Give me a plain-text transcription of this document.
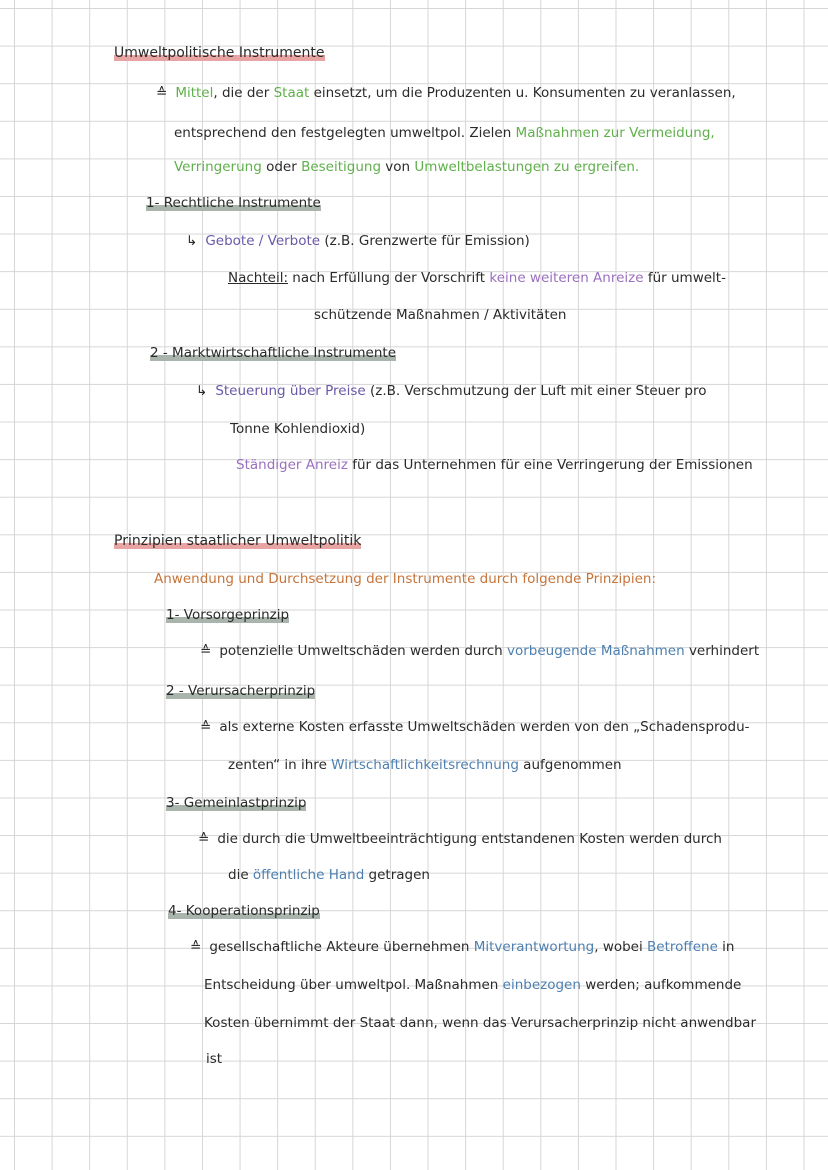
Umweltpolitische Instrumente
≙ Mittel, die der Staat einsetzt, um die Produzenten u. Konsumenten zu veranlassen,
entsprechend den festgelegten umweltpol. Zielen Maßnahmen zur Vermeidung,
Verringerung oder Beseitigung von Umweltbelastungen zu ergreifen.
1- Rechtliche Instrumente
↳ Gebote / Verbote (z.B. Grenzwerte für Emission)
Nachteil: nach Erfüllung der Vorschrift keine weiteren Anreize für umwelt-
schützende Maßnahmen / Aktivitäten
2 - Marktwirtschaftliche Instrumente
↳ Steuerung über Preise (z.B. Verschmutzung der Luft mit einer Steuer pro
Tonne Kohlendioxid)
Ständiger Anreiz für das Unternehmen für eine Verringerung der Emissionen
Prinzipien staatlicher Umweltpolitik
Anwendung und Durchsetzung der Instrumente durch folgende Prinzipien:
1- Vorsorgeprinzip
≙ potenzielle Umweltschäden werden durch vorbeugende Maßnahmen verhindert
2 - Verursacherprinzip
≙ als externe Kosten erfasste Umweltschäden werden von den „Schadensprodu-
zenten“ in ihre Wirtschaftlichkeitsrechnung aufgenommen
3- Gemeinlastprinzip
≙ die durch die Umweltbeeinträchtigung entstandenen Kosten werden durch
die öffentliche Hand getragen
4- Kooperationsprinzip
≙ gesellschaftliche Akteure übernehmen Mitverantwortung, wobei Betroffene in
Entscheidung über umweltpol. Maßnahmen einbezogen werden; aufkommende
Kosten übernimmt der Staat dann, wenn das Verursacherprinzip nicht anwendbar
ist
